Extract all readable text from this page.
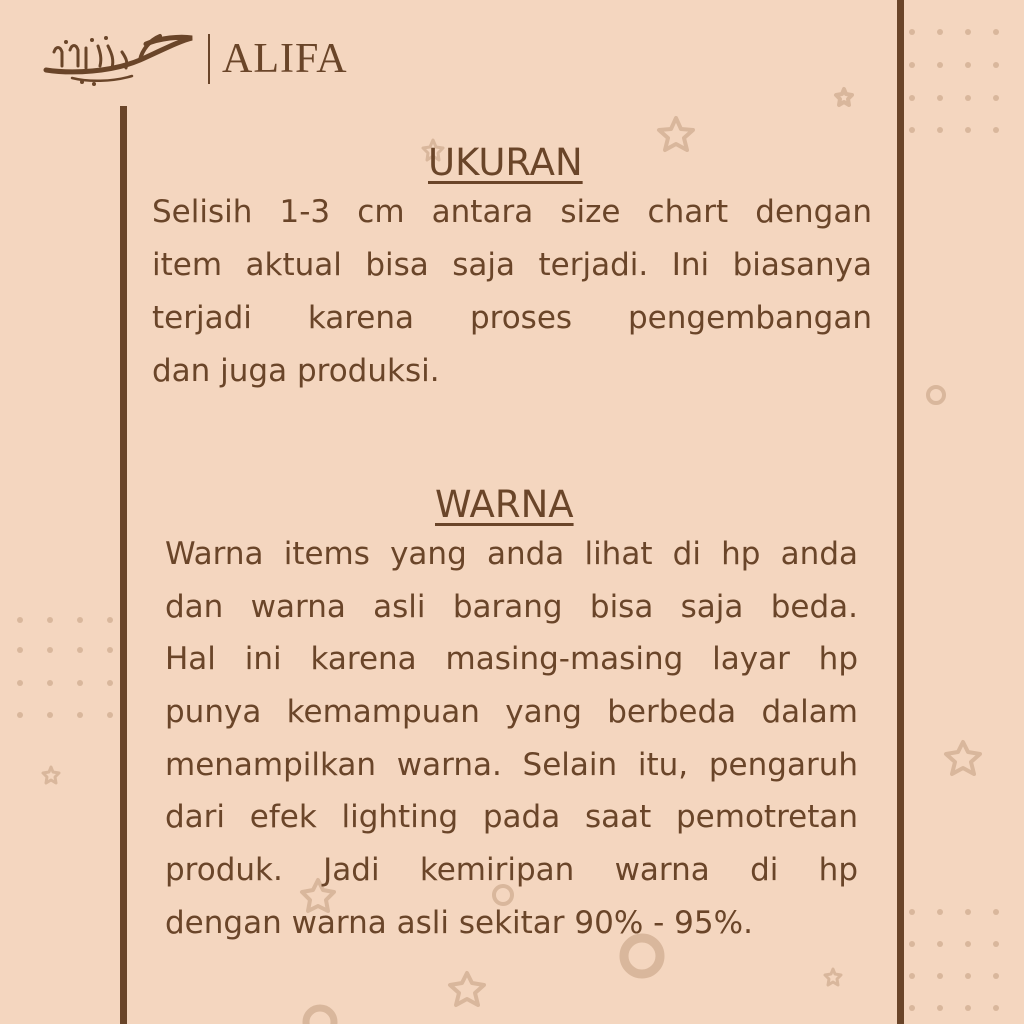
ALIFA
UKURAN
Selisih 1-3 cm antara size chart dengan
item aktual bisa saja terjadi. Ini biasanya
terjadi karena proses pengembangan
dan juga produksi.
WARNA
Warna items yang anda lihat di hp anda
dan warna asli barang bisa saja beda.
Hal ini karena masing-masing layar hp
punya kemampuan yang berbeda dalam
menampilkan warna. Selain itu, pengaruh
dari efek lighting pada saat pemotretan
produk. Jadi kemiripan warna di hp
dengan warna asli sekitar 90% - 95%.
